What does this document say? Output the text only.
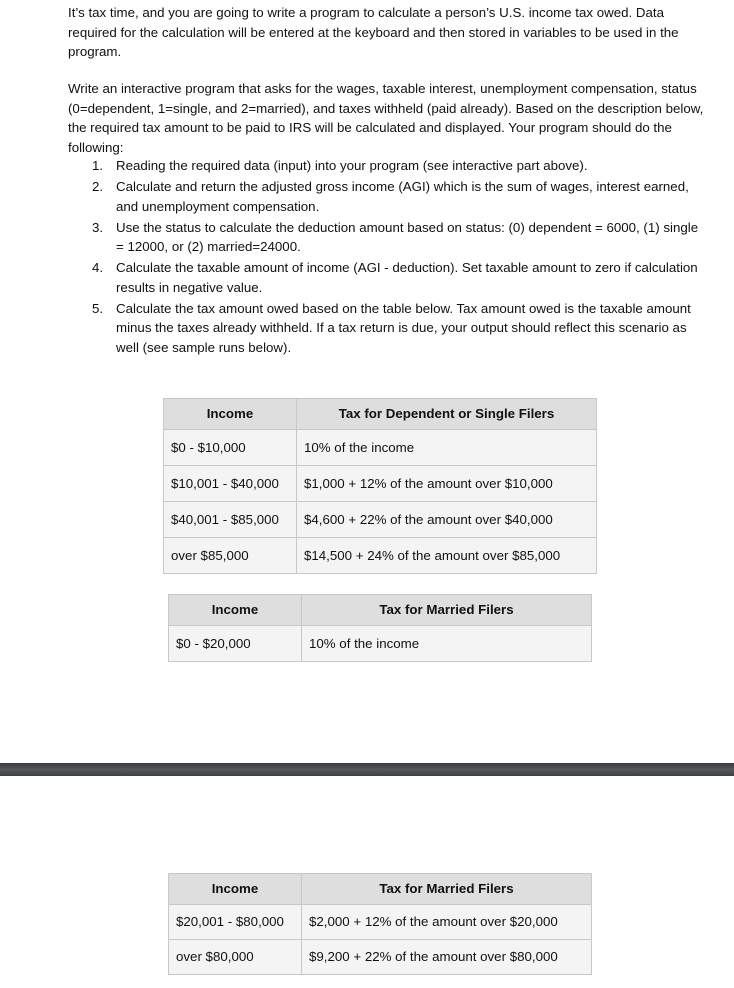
It’s tax time, and you are going to write a program to calculate a person’s U.S. income tax owed. Data required for the calculation will be entered at the keyboard and then stored in variables to be used in the program.

Write an interactive program that asks for the wages, taxable interest, unemployment compensation, status (0=dependent, 1=single, and 2=married), and taxes withheld (paid already). Based on the description below, the required tax amount to be paid to IRS will be calculated and displayed. Your program should do the following:

1. Reading the required data (input) into your program (see interactive part above).
2. Calculate and return the adjusted gross income (AGI) which is the sum of wages, interest earned, and unemployment compensation.
3. Use the status to calculate the deduction amount based on status: (0) dependent = 6000, (1) single = 12000, or (2) married=24000.
4. Calculate the taxable amount of income (AGI - deduction). Set taxable amount to zero if calculation results in negative value.
5. Calculate the tax amount owed based on the table below. Tax amount owed is the taxable amount minus the taxes already withheld. If a tax return is due, your output should reflect this scenario as well (see sample runs below).
Income	Tax for Dependent or Single Filers
$0 - $10,000	10% of the income
$10,001 - $40,000	$1,000 + 12% of the amount over $10,000
$40,001 - $85,000	$4,600 + 22% of the amount over $40,000
over $85,000	$14,500 + 24% of the amount over $85,000
Income	Tax for Married Filers
$0 - $20,000	10% of the income
Income	Tax for Married Filers
$20,001 - $80,000	$2,000 + 12% of the amount over $20,000
over $80,000	$9,200 + 22% of the amount over $80,000
